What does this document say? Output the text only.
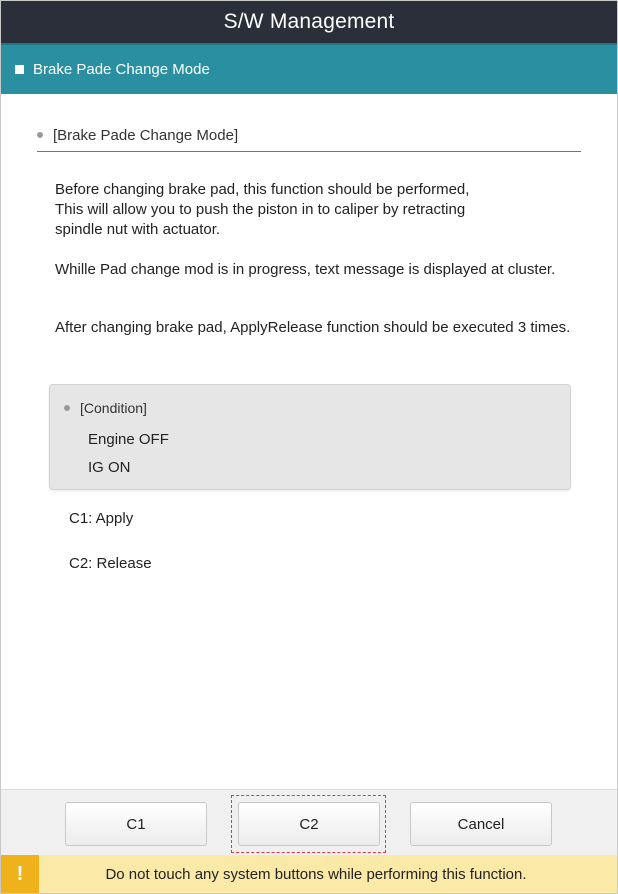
S/W Management
Brake Pade Change Mode
[Brake Pade Change Mode]
Before changing brake pad, this function should be performed,
This will allow you to push the piston in to caliper by retracting
spindle nut with actuator.
Whille Pad change mod is in progress, text message is displayed at cluster.
After changing brake pad, ApplyRelease function should be executed 3 times.
[Condition]
Engine OFF
IG ON
C1: Apply
C2: Release
C1	C2	Cancel
!	Do not touch any system buttons while performing this function.
